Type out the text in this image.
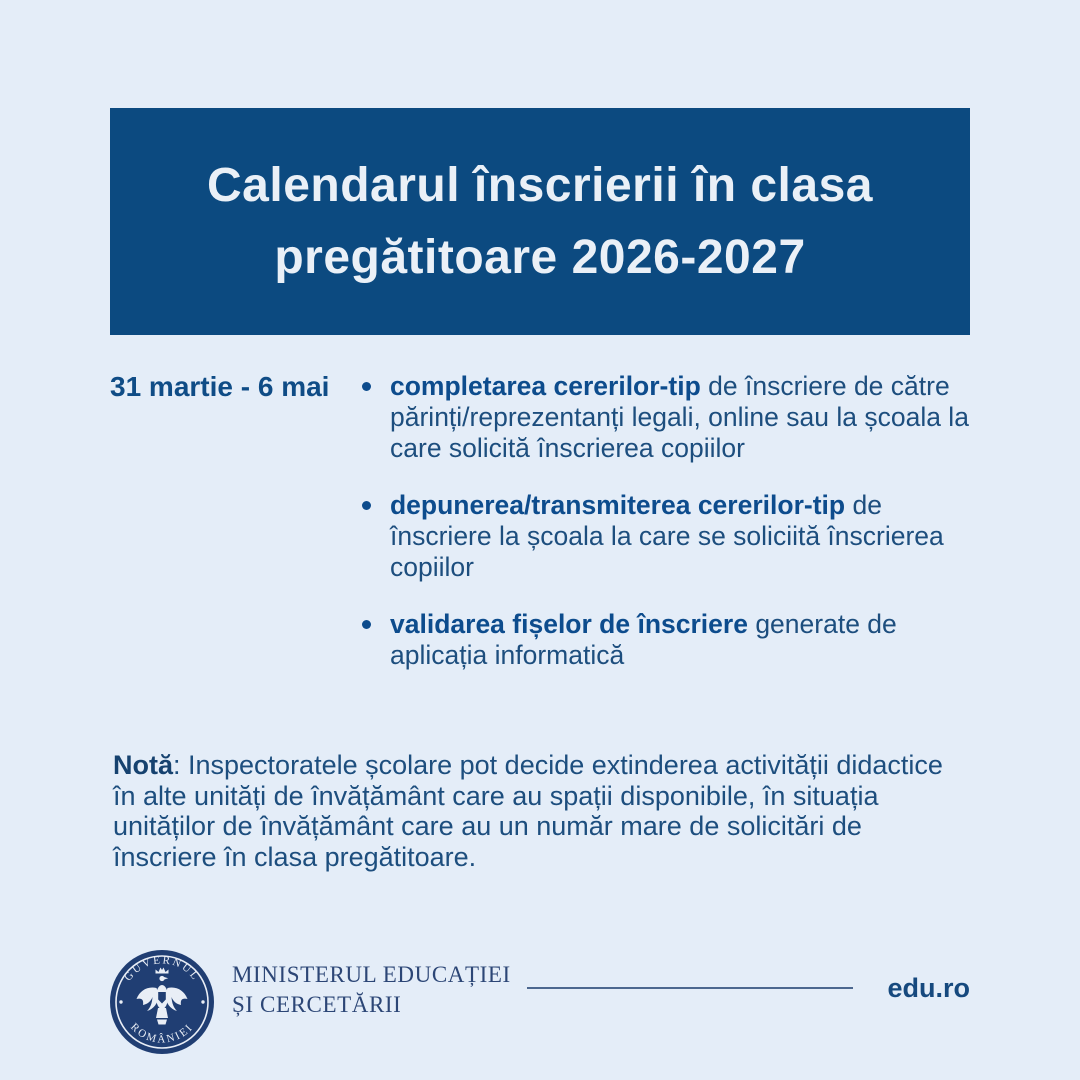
Calendarul înscrierii în clasa
pregătitoare 2026-2027
31 martie - 6 mai	completarea cererilor-tip de înscriere de către părinți/reprezentanți legali, online sau la școala la care solicită înscrierea copiilor

depunerea/transmiterea cererilor-tip de înscriere la școala la care se soliciită înscrierea copiilor

validarea fișelor de înscriere generate de aplicația informatică

Notă: Inspectoratele școlare pot decide extinderea activității didactice în alte unități de învățământ care au spații disponibile, în situația unităților de învățământ care au un număr mare de solicitări de înscriere în clasa pregătitoare.
GUVERNUL
ROMÂNIEI
MINISTERUL EDUCAȚIEI
ȘI CERCETĂRII
edu.ro
